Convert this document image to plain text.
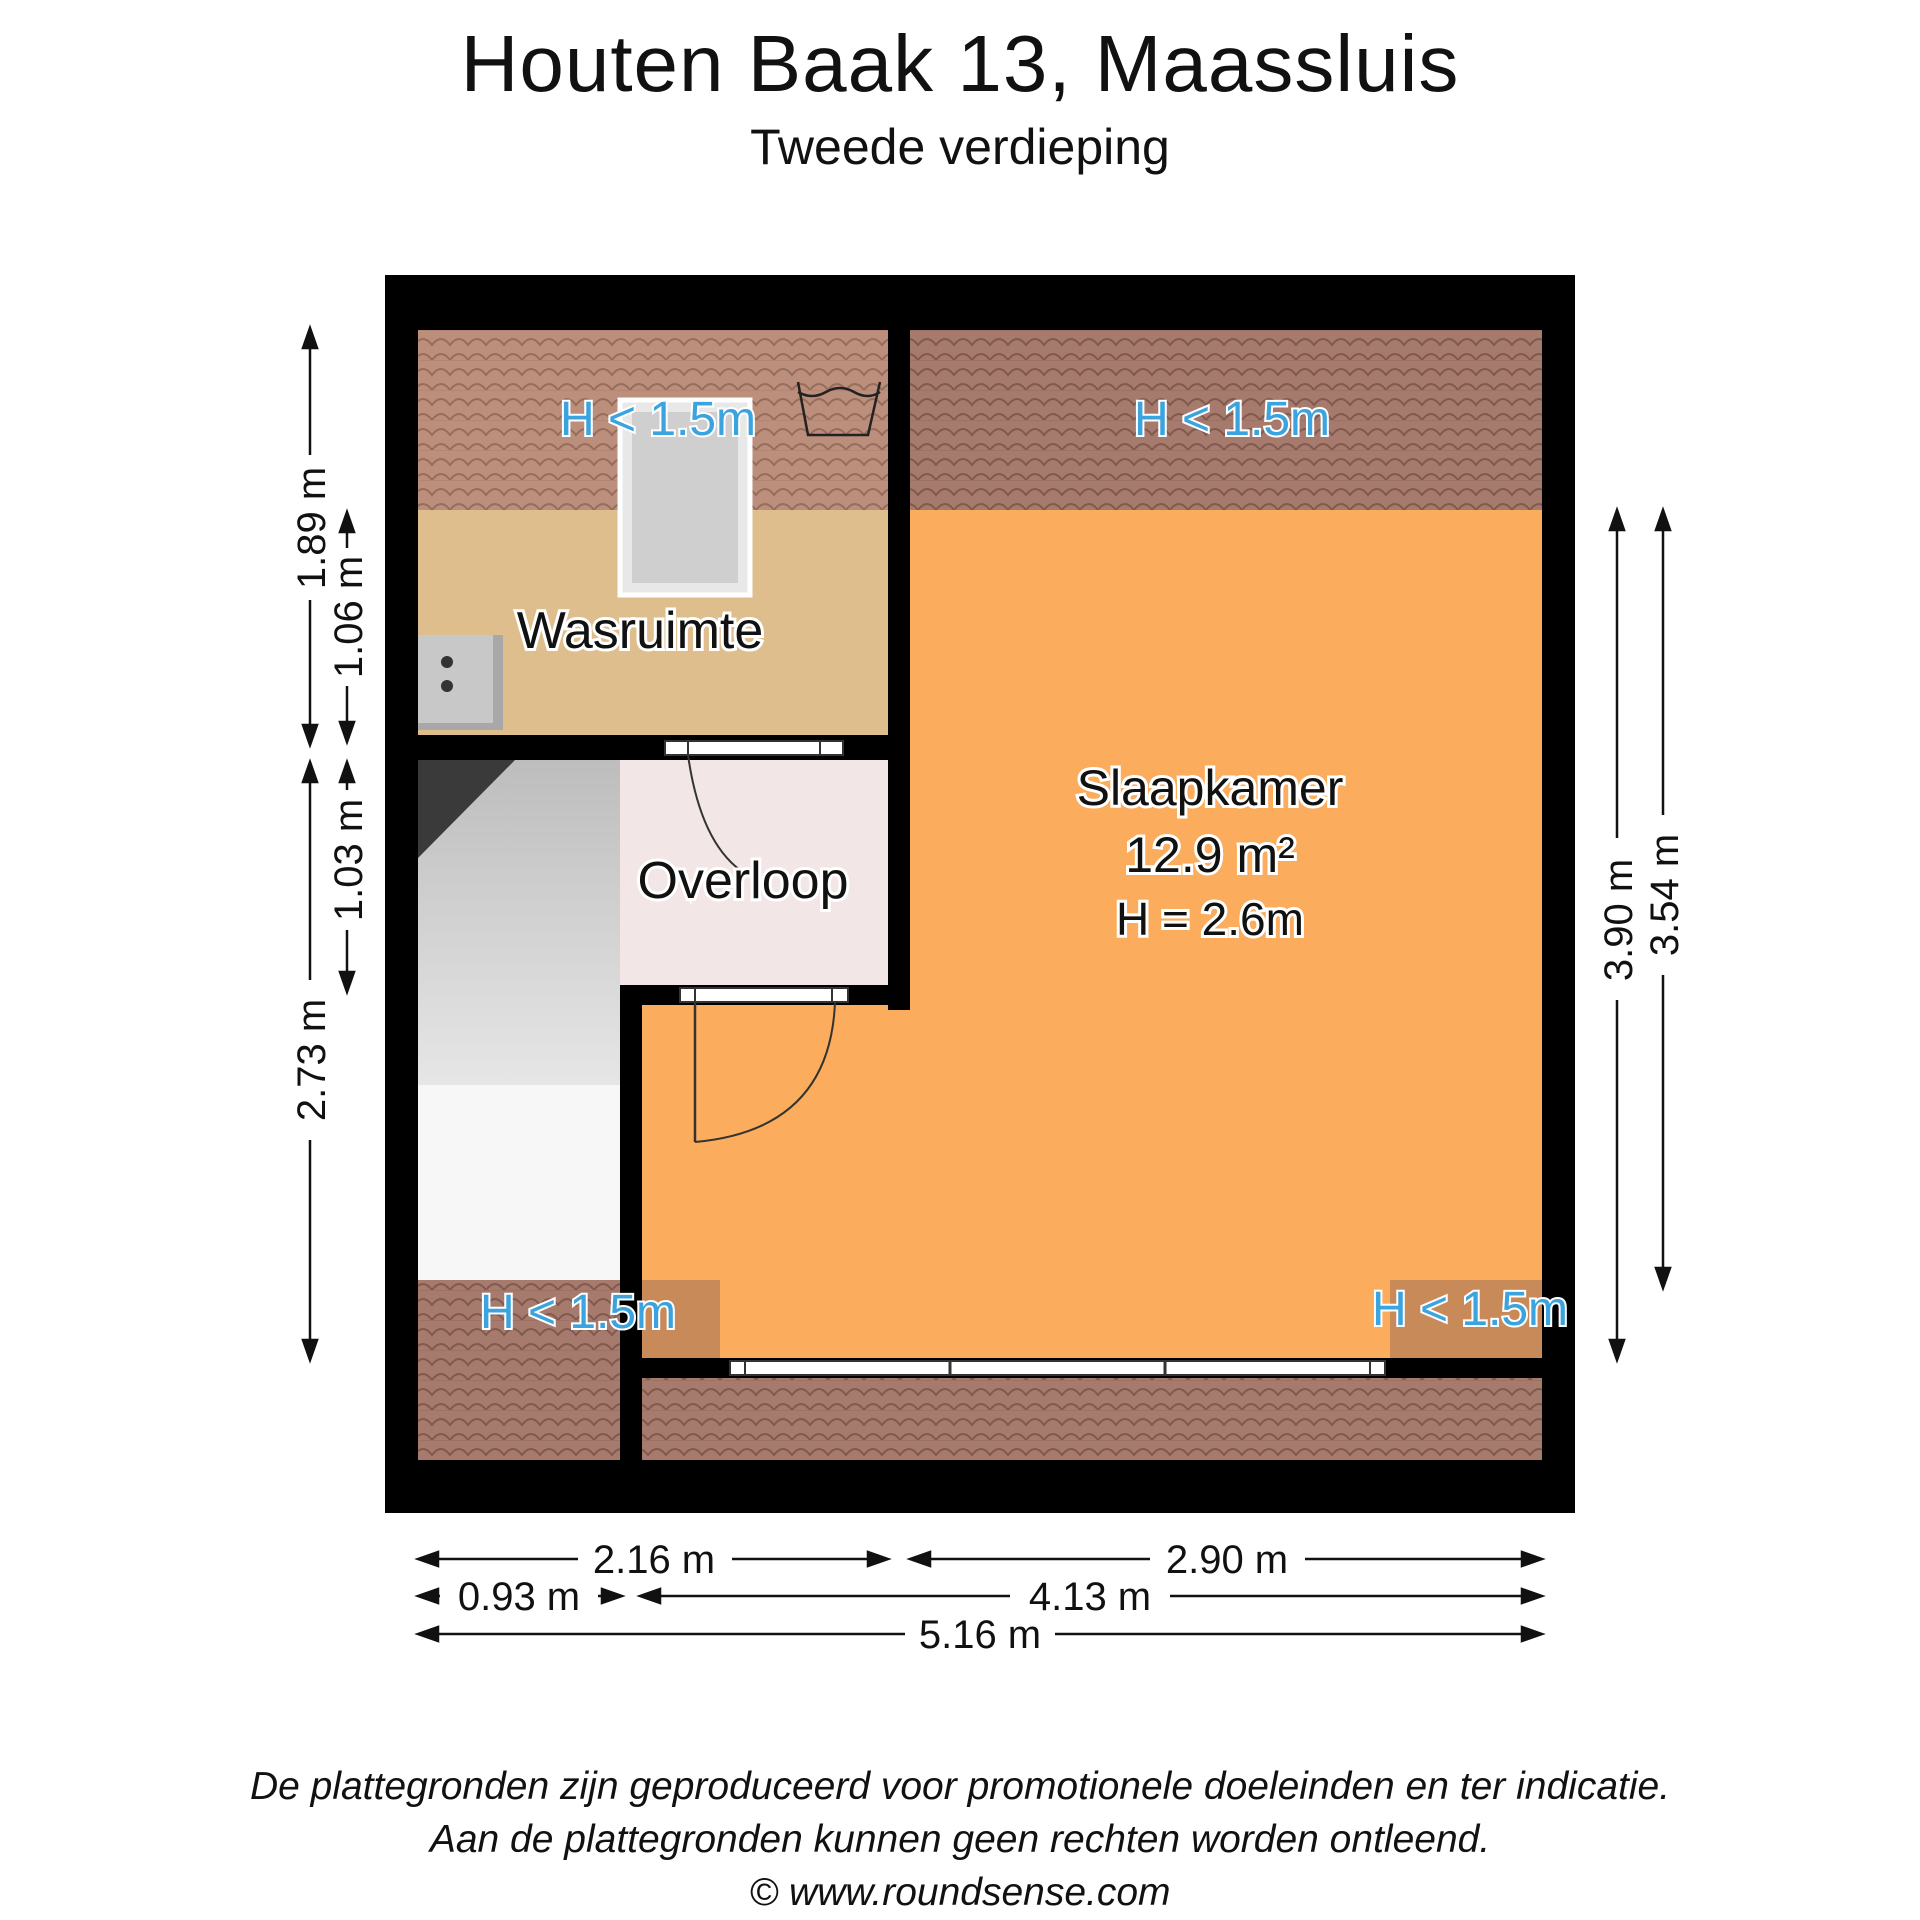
Houten Baak 13, Maassluis
Tweede verdieping
Wasruimte
Overloop
Slaapkamer
12.9 m²
H = 2.6m
H < 1.5m	H < 1.5m
H < 1.5m	H < 1.5m
1.89 m
1.06 m
1.03 m
2.73 m
3.90 m 3.54 m
2.16 m	2.90 m
0.93 m	4.13 m
5.16 m
De plattegronden zijn geproduceerd voor promotionele doeleinden en ter indicatie.
Aan de plattegronden kunnen geen rechten worden ontleend.
© www.roundsense.com
